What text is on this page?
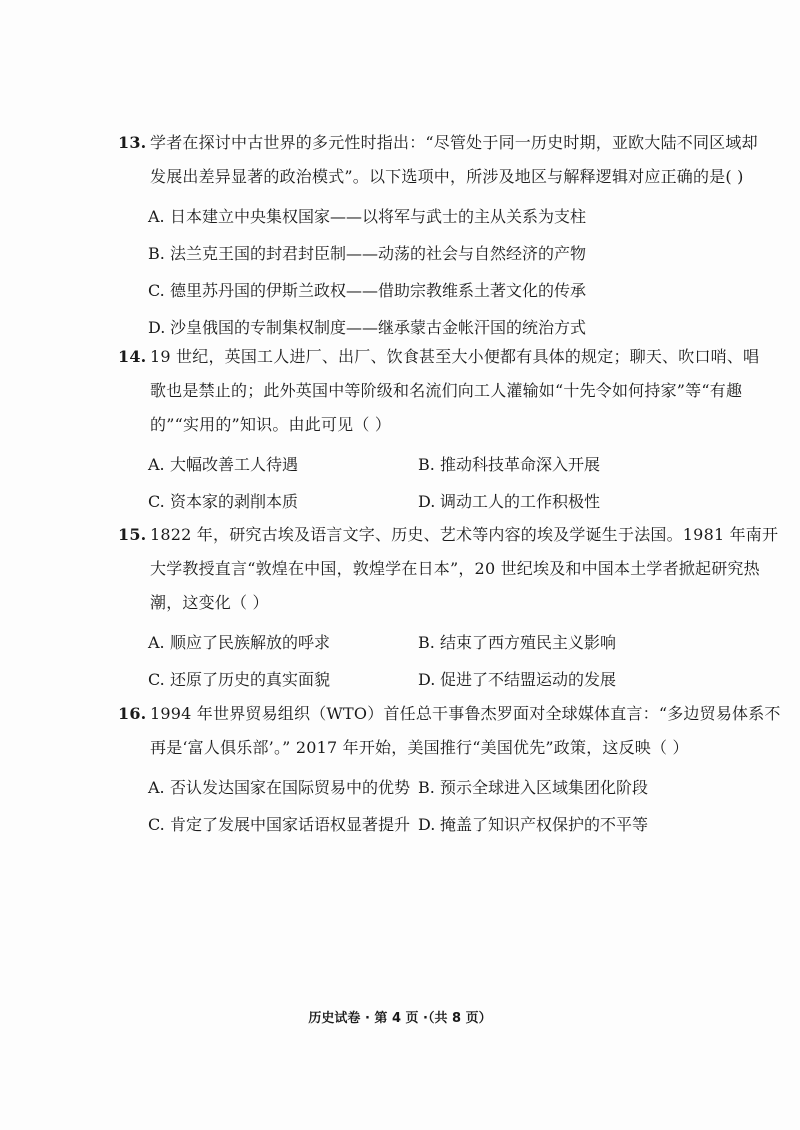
13. 学者在探讨中古世界的多元性时指出：“尽管处于同一历史时期，亚欧大陆不同区域却
发展出差异显著的政治模式”。以下选项中，所涉及地区与解释逻辑对应正确的是( )
A. 日本建立中央集权国家——以将军与武士的主从关系为支柱
B. 法兰克王国的封君封臣制——动荡的社会与自然经济的产物
C. 德里苏丹国的伊斯兰政权——借助宗教维系土著文化的传承
D. 沙皇俄国的专制集权制度——继承蒙古金帐汗国的统治方式
14. 19 世纪，英国工人进厂、出厂、饮食甚至大小便都有具体的规定；聊天、吹口哨、唱
歌也是禁止的；此外英国中等阶级和名流们向工人灌输如“十先令如何持家”等“有趣
的”“实用的”知识。由此可见（ ）
A. 大幅改善工人待遇	B. 推动科技革命深入开展
C. 资本家的剥削本质	D. 调动工人的工作积极性
15. 1822 年，研究古埃及语言文字、历史、艺术等内容的埃及学诞生于法国。1981 年南开
大学教授直言“敦煌在中国，敦煌学在日本”，20 世纪埃及和中国本土学者掀起研究热
潮，这变化（ ）
A. 顺应了民族解放的呼求	B. 结束了西方殖民主义影响
C. 还原了历史的真实面貌	D. 促进了不结盟运动的发展
16. 1994 年世界贸易组织（WTO）首任总干事鲁杰罗面对全球媒体直言：“多边贸易体系不
再是‘富人俱乐部’。” 2017 年开始，美国推行“美国优先”政策，这反映（ ）
A. 否认发达国家在国际贸易中的优势 B. 预示全球进入区域集团化阶段
C. 肯定了发展中国家话语权显著提升 D. 掩盖了知识产权保护的不平等
历史试卷 · 第 4 页 ·（共 8 页）
